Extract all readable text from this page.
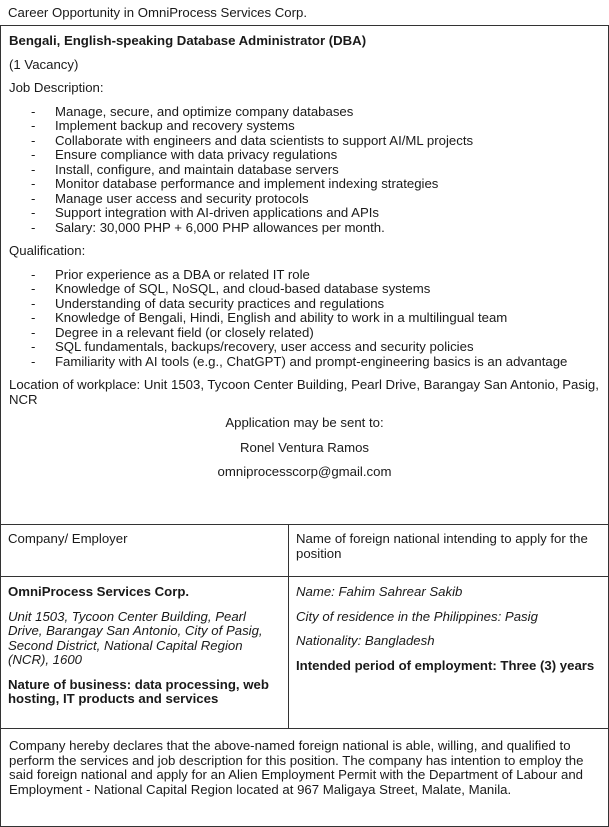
Career Opportunity in OmniProcess Services Corp.
Bengali, English-speaking Database Administrator (DBA)
(1 Vacancy)
Job Description:
- Manage, secure, and optimize company databases
- Implement backup and recovery systems
- Collaborate with engineers and data scientists to support AI/ML projects
- Ensure compliance with data privacy regulations
- Install, configure, and maintain database servers
- Monitor database performance and implement indexing strategies
- Manage user access and security protocols
- Support integration with AI-driven applications and APIs
- Salary: 30,000 PHP + 6,000 PHP allowances per month.
Qualification:
- Prior experience as a DBA or related IT role
- Knowledge of SQL, NoSQL, and cloud-based database systems
- Understanding of data security practices and regulations
- Knowledge of Bengali, Hindi, English and ability to work in a multilingual team
- Degree in a relevant field (or closely related)
- SQL fundamentals, backups/recovery, user access and security policies
- Familiarity with AI tools (e.g., ChatGPT) and prompt-engineering basics is an advantage
Location of workplace: Unit 1503, Tycoon Center Building, Pearl Drive, Barangay San Antonio, Pasig, NCR
Application may be sent to:
Ronel Ventura Ramos
omniprocesscorp@gmail.com
Company/ Employer
OmniProcess Services Corp.
Unit 1503, Tycoon Center Building, Pearl Drive, Barangay San Antonio, City of Pasig, Second District, National Capital Region (NCR), 1600
Nature of business: data processing, web hosting, IT products and services
Name of foreign national intending to apply for the position
Name: Fahim Sahrear Sakib
City of residence in the Philippines: Pasig
Nationality: Bangladesh
Intended period of employment: Three (3) years
Company hereby declares that the above-named foreign national is able, willing, and qualified to perform the services and job description for this position. The company has intention to employ the said foreign national and apply for an Alien Employment Permit with the Department of Labour and Employment - National Capital Region located at 967 Maligaya Street, Malate, Manila.
